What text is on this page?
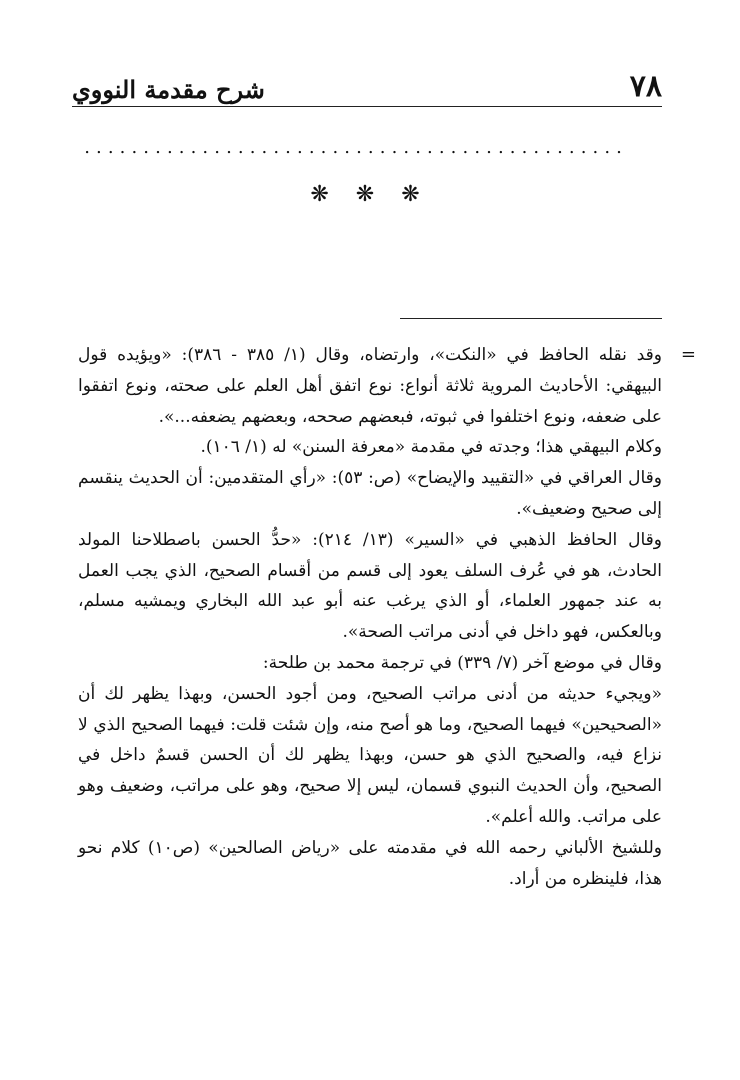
٧٨
شرح مقدمة النووي
..............................................
❋ ❋ ❋
=

وقد نقله الحافظ في «النكت»، وارتضاه، وقال (١/ ٣٨٥ - ٣٨٦): «ويؤيده قول البيهقي: الأحاديث المروية ثلاثة أنواع: نوع اتفق أهل العلم على صحته، ونوع اتفقوا على ضعفه، ونوع اختلفوا في ثبوته، فبعضهم صححه، وبعضهم يضعفه...».

وكلام البيهقي هذا؛ وجدته في مقدمة «معرفة السنن» له (١/ ١٠٦).

وقال العراقي في «التقييد والإيضاح» (ص: ٥٣): «رأي المتقدمين: أن الحديث ينقسم إلى صحيح وضعيف».

وقال الحافظ الذهبي في «السير» (١٣/ ٢١٤): «حدُّ الحسن باصطلاحنا المولد الحادث، هو في عُرف السلف يعود إلى قسم من أقسام الصحيح، الذي يجب العمل به عند جمهور العلماء، أو الذي يرغب عنه أبو عبد الله البخاري ويمشيه مسلم، وبالعكس، فهو داخل في أدنى مراتب الصحة».

وقال في موضع آخر (٧/ ٣٣٩) في ترجمة محمد بن طلحة:

«ويجيء حديثه من أدنى مراتب الصحيح، ومن أجود الحسن، وبهذا يظهر لك أن «الصحيحين» فيهما الصحيح، وما هو أصح منه، وإن شئت قلت: فيهما الصحيح الذي لا نزاع فيه، والصحيح الذي هو حسن، وبهذا يظهر لك أن الحسن قسمٌ داخل في الصحيح، وأن الحديث النبوي قسمان، ليس إلا صحيح، وهو على مراتب، وضعيف وهو على مراتب. والله أعلم».

وللشيخ الألباني رحمه الله في مقدمته على «رياض الصالحين» (ص١٠) كلام نحو هذا، فلينظره من أراد.
